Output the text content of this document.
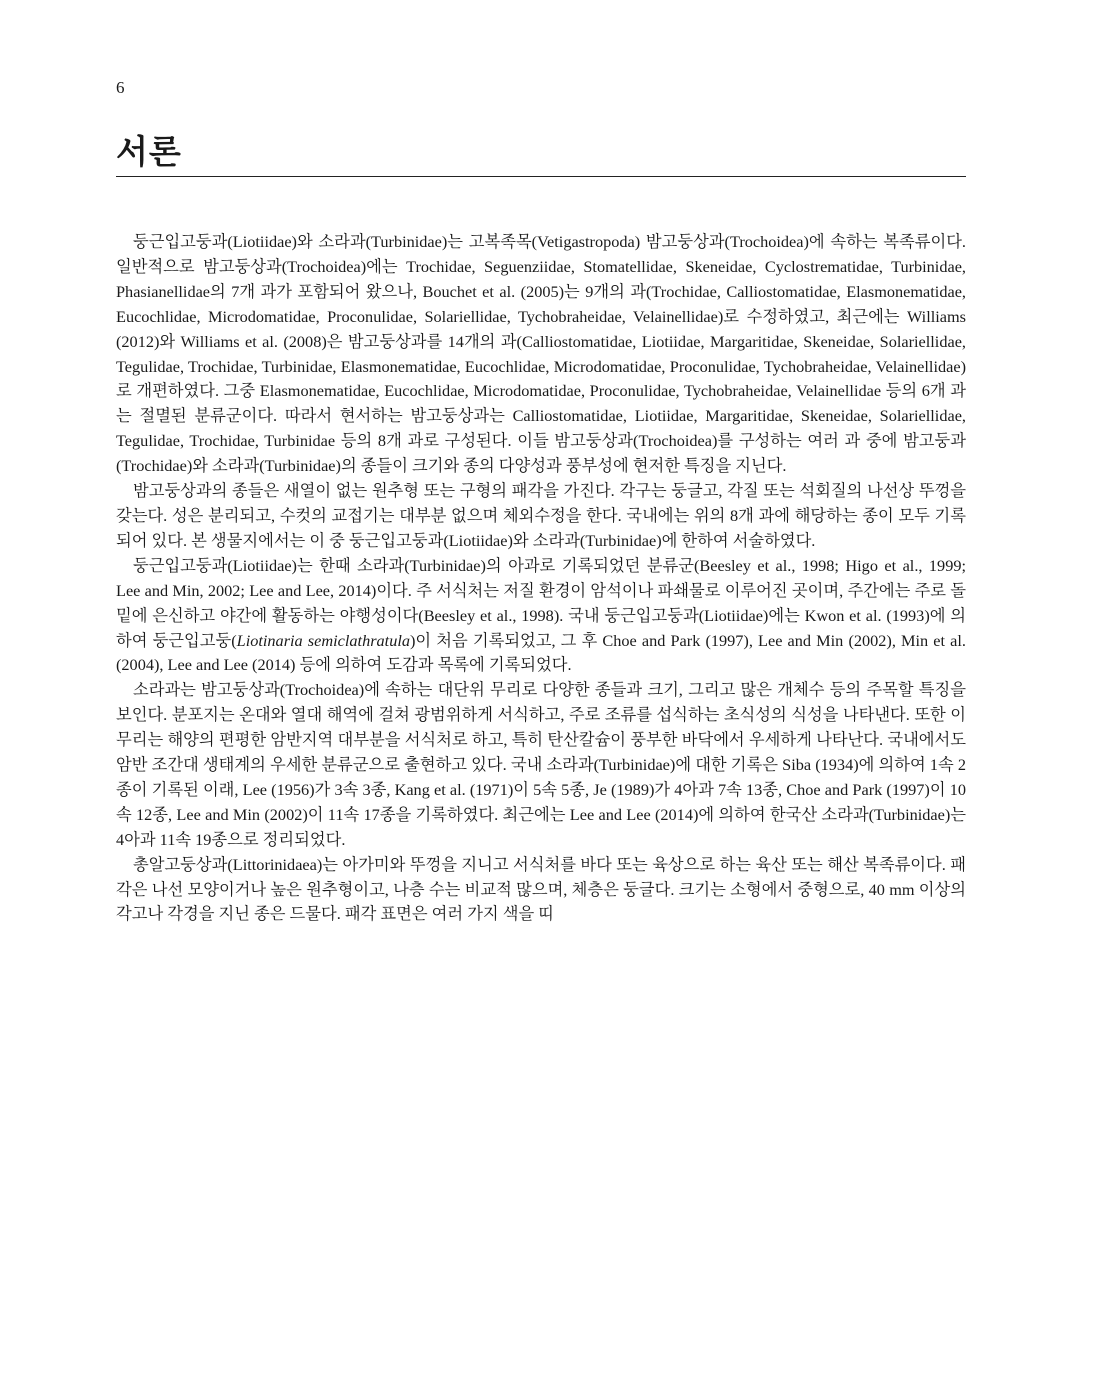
6
서론

둥근입고둥과(Liotiidae)와 소라과(Turbinidae)는 고복족목(Vetigastropoda) 밤고둥상과(Trochoidea)에 속하는 복족류이다. 일반적으로 밤고둥상과(Trochoidea)에는 Trochidae, Seguenziidae, Stomatellidae, Skeneidae, Cyclostrematidae, Turbinidae, Phasianellidae의 7개 과가 포함되어 왔으나, Bouchet et al. (2005)는 9개의 과(Trochidae, Calliostomatidae, Elasmonematidae, Eucochlidae, Microdomatidae, Proconulidae, Solariellidae, Tychobraheidae, Velainellidae)로 수정하였고, 최근에는 Williams (2012)와 Williams et al. (2008)은 밤고둥상과를 14개의 과(Calliostomatidae, Liotiidae, Margaritidae, Skeneidae, Solariellidae, Tegulidae, Trochidae, Turbinidae, Elasmonematidae, Eucochlidae, Microdomatidae, Proconulidae, Tychobraheidae, Velainellidae)로 개편하였다. 그중 Elasmonematidae, Eucochlidae, Microdomatidae, Proconulidae, Tychobraheidae, Velainellidae 등의 6개 과는 절멸된 분류군이다. 따라서 현서하는 밤고둥상과는 Calliostomatidae, Liotiidae, Margaritidae, Skeneidae, Solariellidae, Tegulidae, Trochidae, Turbinidae 등의 8개 과로 구성된다. 이들 밤고둥상과(Trochoidea)를 구성하는 여러 과 중에 밤고둥과(Trochidae)와 소라과(Turbinidae)의 종들이 크기와 종의 다양성과 풍부성에 현저한 특징을 지닌다.

밤고둥상과의 종들은 새열이 없는 원추형 또는 구형의 패각을 가진다. 각구는 둥글고, 각질 또는 석회질의 나선상 뚜껑을 갖는다. 성은 분리되고, 수컷의 교접기는 대부분 없으며 체외수정을 한다. 국내에는 위의 8개 과에 해당하는 종이 모두 기록되어 있다. 본 생물지에서는 이 중 둥근입고둥과(Liotiidae)와 소라과(Turbinidae)에 한하여 서술하였다.

둥근입고둥과(Liotiidae)는 한때 소라과(Turbinidae)의 아과로 기록되었던 분류군(Beesley et al., 1998; Higo et al., 1999; Lee and Min, 2002; Lee and Lee, 2014)이다. 주 서식처는 저질 환경이 암석이나 파쇄물로 이루어진 곳이며, 주간에는 주로 돌 밑에 은신하고 야간에 활동하는 야행성이다(Beesley et al., 1998). 국내 둥근입고둥과(Liotiidae)에는 Kwon et al. (1993)에 의하여 둥근입고둥(Liotinaria semiclathratula)이 처음 기록되었고, 그 후 Choe and Park (1997), Lee and Min (2002), Min et al. (2004), Lee and Lee (2014) 등에 의하여 도감과 목록에 기록되었다.

소라과는 밤고둥상과(Trochoidea)에 속하는 대단위 무리로 다양한 종들과 크기, 그리고 많은 개체수 등의 주목할 특징을 보인다. 분포지는 온대와 열대 해역에 걸쳐 광범위하게 서식하고, 주로 조류를 섭식하는 초식성의 식성을 나타낸다. 또한 이 무리는 해양의 편평한 암반지역 대부분을 서식처로 하고, 특히 탄산칼슘이 풍부한 바닥에서 우세하게 나타난다. 국내에서도 암반 조간대 생태계의 우세한 분류군으로 출현하고 있다. 국내 소라과(Turbinidae)에 대한 기록은 Siba (1934)에 의하여 1속 2종이 기록된 이래, Lee (1956)가 3속 3종, Kang et al. (1971)이 5속 5종, Je (1989)가 4아과 7속 13종, Choe and Park (1997)이 10속 12종, Lee and Min (2002)이 11속 17종을 기록하였다. 최근에는 Lee and Lee (2014)에 의하여 한국산 소라과(Turbinidae)는 4아과 11속 19종으로 정리되었다.

총알고둥상과(Littorinidaea)는 아가미와 뚜껑을 지니고 서식처를 바다 또는 육상으로 하는 육산 또는 해산 복족류이다. 패각은 나선 모양이거나 높은 원추형이고, 나층 수는 비교적 많으며, 체층은 둥글다. 크기는 소형에서 중형으로, 40 mm 이상의 각고나 각경을 지닌 종은 드물다. 패각 표면은 여러 가지 색을 띠
